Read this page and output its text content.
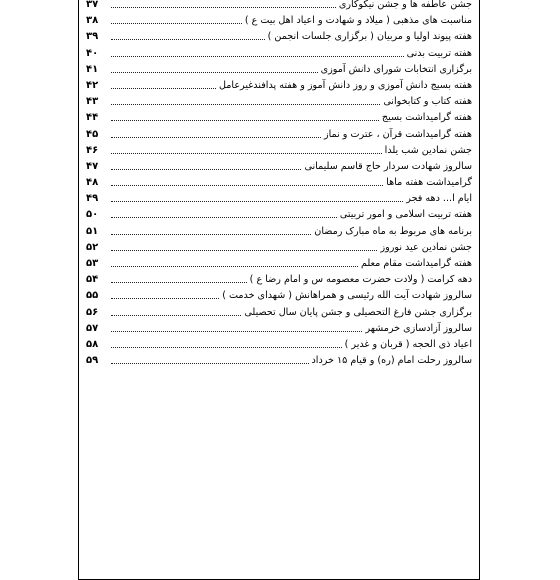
جشن عاطفه ها و جشن نیکوکاری
۳۷
مناسبت های مذهبی ( میلاد و شهادت و اعیاد اهل بیت ع )
۳۸
هفته پیوند اولیا و مربیان ( برگزاری جلسات انجمن )
۳۹
هفته تربیت بدنی
۴۰
برگزاری انتخابات شورای دانش آموزی
۴۱
هفته بسیج دانش آموزی و روز دانش آموز و هفته پدافندغیرعامل
۴۲
هفته کتاب و کتابخوانی
۴۳
هفته گرامیداشت بسیج
۴۴
هفته گرامیداشت قرآن ، عترت و نماز
۴۵
جشن نمادین شب یلدا
۴۶
سالروز شهادت سردار حاج قاسم سلیمانی
۴۷
گرامیداشت هفته ماها
۴۸
ایام ا... دهه فجر
۴۹
هفته تربیت اسلامی و امور تربیتی
۵۰
برنامه های مربوط به ماه مبارک رمضان
۵۱
جشن نمادین عید نوروز
۵۲
هفته گرامیداشت مقام معلم
۵۳
دهه کرامت ( ولادت حضرت معصومه س و امام رضا ع )
۵۴
سالروز شهادت آیت الله رئیسی و همراهانش ( شهدای خدمت )
۵۵
برگزاری جشن فارغ التحصیلی و جشن پایان سال تحصیلی
۵۶
سالروز آزادسازی خرمشهر
۵۷
اعیاد ذی الحجه ( قربان و غدیر )
۵۸
سالروز رحلت امام (ره) و قیام ۱۵ خرداد
۵۹
